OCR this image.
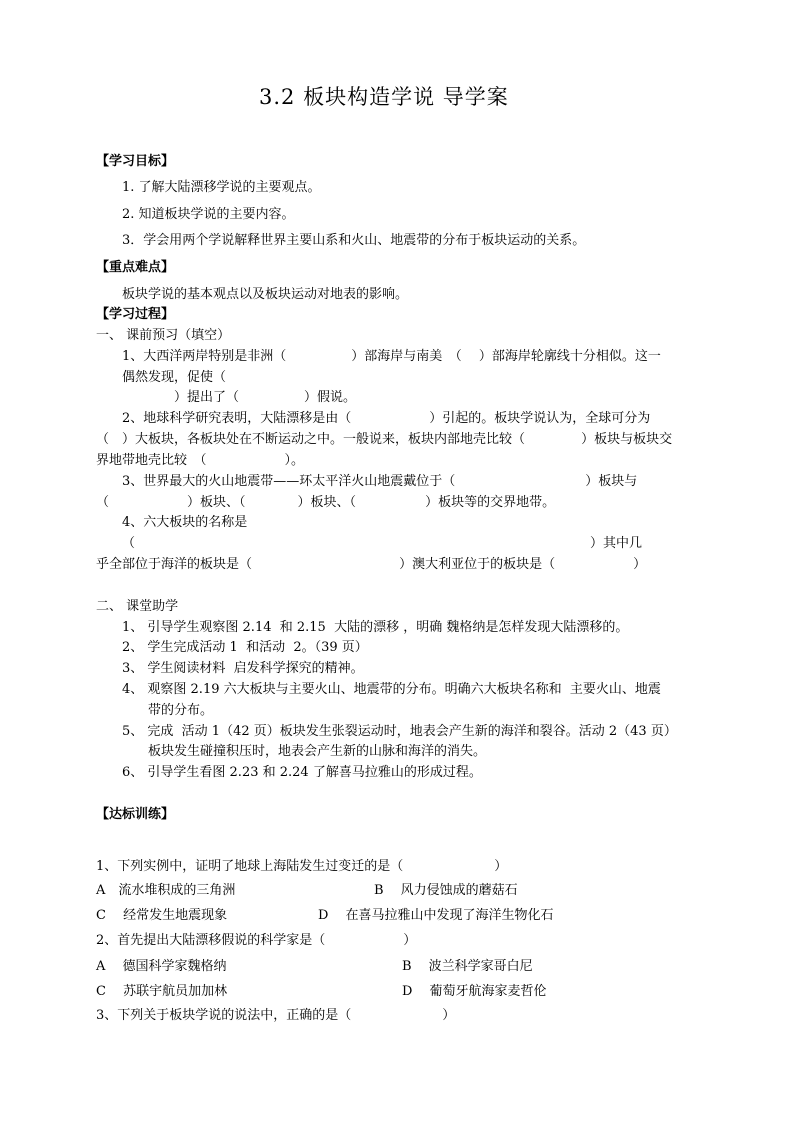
3.2 板块构造学说 导学案
【学习目标】
1. 了解大陆漂移学说的主要观点。
2. 知道板块学说的主要内容。
3．学会用两个学说解释世界主要山系和火山、地震带的分布于板块运动的关系。
【重点难点】
板块学说的基本观点以及板块运动对地表的影响。
【学习过程】
一、 课前预习（填空）
1、大西洋两岸特别是非洲（　　　　　）部海岸与南美　（　 ）部海岸轮廓线十分相似。这一
偶然发现，促使（
　　　　）提出了（　　　　　）假说。
2、地球科学研究表明，大陆漂移是由（　　　　　　）引起的。板块学说认为，全球可分为
（　）大板块，各板块处在不断运动之中。一般说来，板块内部地壳比较（　　　　 ）板块与板块交
界地带地壳比较　（　　　　　　）。
3、世界最大的火山地震带——环太平洋火山地震戴位于（　　　　　　　　　　）板块与
（　　　　　　）板块、（　　　　）板块、（　　　　　 ）板块等的交界地带。
4、六大板块的名称是
（　　　　　　　　　　　　　　　　　　　　　　　　　　　　　　　　　　　）其中几
乎全部位于海洋的板块是（　　　　　　　　　　　 ）澳大利亚位于的板块是（　　　　　　）
二、 课堂助学
1、 引导学生观察图 2.14  和 2.15  大陆的漂移 ，明确 魏格纳是怎样发现大陆漂移的。
2、 学生完成活动 1  和活动  2。（39 页）
3、 学生阅读材料  启发科学探究的精神。
4、 观察图 2.19 六大板块与主要火山、地震带的分布。明确六大板块名称和  主要火山、地震
带的分布。
5、 完成  活动 1（42 页）板块发生张裂运动时，地表会产生新的海洋和裂谷。活动 2（43 页）
板块发生碰撞积压时，地表会产生新的山脉和海洋的消失。
6、 引导学生看图 2.23 和 2.24 了解喜马拉雅山的形成过程。
【达标训练】
1、下列实例中，证明了地球上海陆发生过变迁的是（　　　　　　　）
A　流水堆积成的三角洲	B　 风力侵蚀成的蘑菇石
C　 经常发生地震现象	D　 在喜马拉雅山中发现了海洋生物化石
2、首先提出大陆漂移假说的科学家是（　　　　　　）
A　 德国科学家魏格纳	B　 波兰科学家哥白尼
C　 苏联宇航员加加林	D　 葡萄牙航海家麦哲伦
3、下列关于板块学说的说法中，正确的是（　　　　　　　）
